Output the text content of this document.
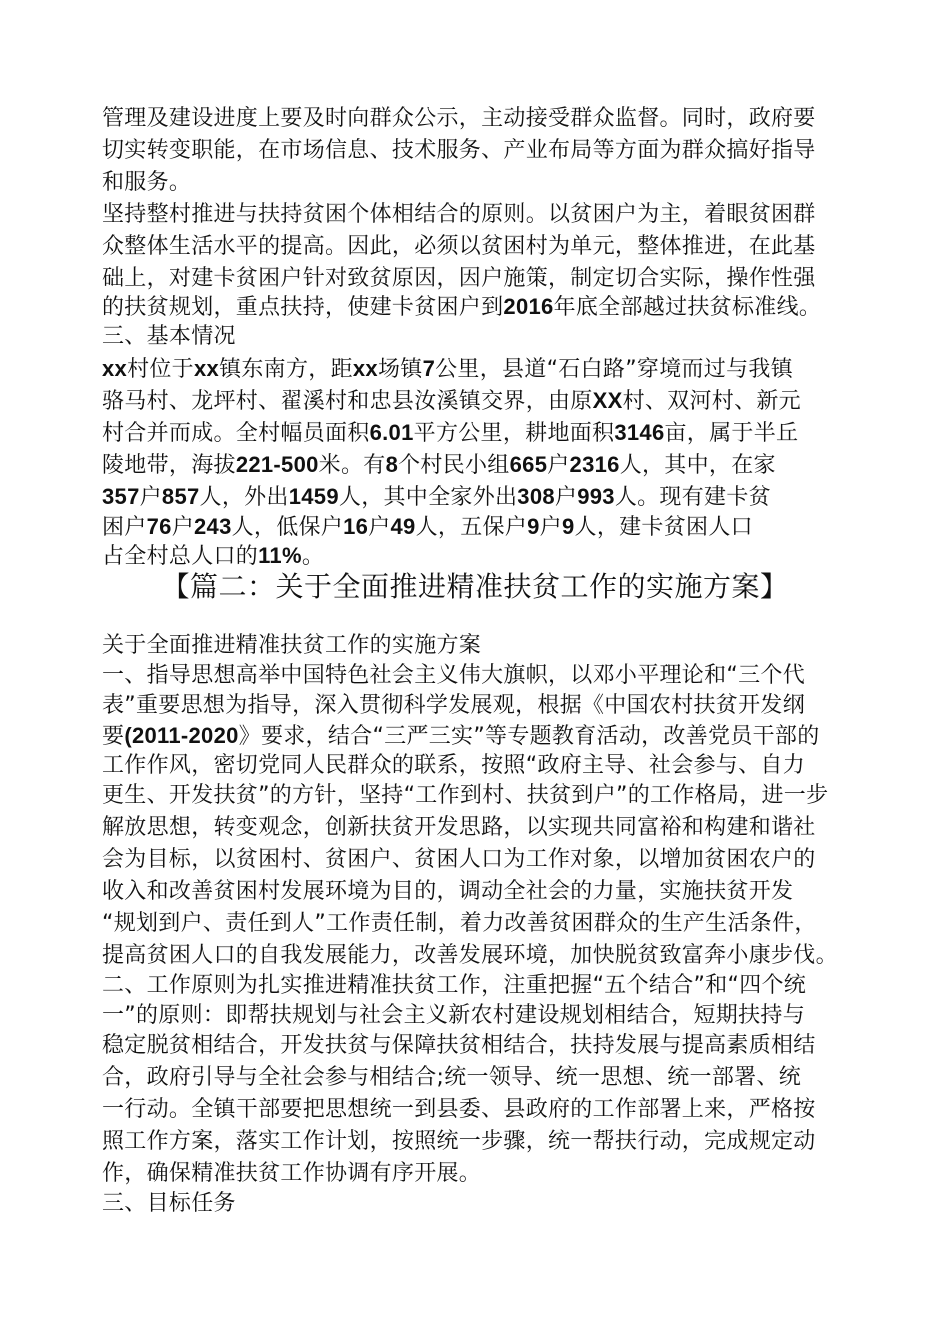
管理及建设进度上要及时向群众公示，主动接受群众监督。同时，政府要
切实转变职能，在市场信息、技术服务、产业布局等方面为群众搞好指导
和服务。
坚持整村推进与扶持贫困个体相结合的原则。以贫困户为主，着眼贫困群
众整体生活水平的提高。因此，必须以贫困村为单元，整体推进，在此基
础上，对建卡贫困户针对致贫原因，因户施策，制定切合实际，操作性强
的扶贫规划，重点扶持，使建卡贫困户到2016年底全部越过扶贫标准线。
三、基本情况
xx村位于xx镇东南方，距xx场镇7公里，县道“石白路”穿境而过与我镇
骆马村、龙坪村、翟溪村和忠县汝溪镇交界，由原XX村、双河村、新元
村合并而成。全村幅员面积6.01平方公里，耕地面积3146亩，属于半丘
陵地带，海拔221-500米。有8个村民小组665户2316人，其中，在家
357户857人，外出1459人，其中全家外出308户993人。现有建卡贫
困户76户243人，低保户16户49人，五保户9户9人，建卡贫困人口
占全村总人口的11%。
【篇二：关于全面推进精准扶贫工作的实施方案】
关于全面推进精准扶贫工作的实施方案
一、指导思想高举中国特色社会主义伟大旗帜，以邓小平理论和“三个代
表”重要思想为指导，深入贯彻科学发展观，根据《中国农村扶贫开发纲
要(2011-2020》要求，结合“三严三实”等专题教育活动，改善党员干部的
工作作风，密切党同人民群众的联系，按照“政府主导、社会参与、自力
更生、开发扶贫”的方针，坚持“工作到村、扶贫到户”的工作格局，进一步
解放思想，转变观念，创新扶贫开发思路，以实现共同富裕和构建和谐社
会为目标，以贫困村、贫困户、贫困人口为工作对象，以增加贫困农户的
收入和改善贫困村发展环境为目的，调动全社会的力量，实施扶贫开发
“规划到户、责任到人”工作责任制，着力改善贫困群众的生产生活条件，
提高贫困人口的自我发展能力，改善发展环境，加快脱贫致富奔小康步伐。
二、工作原则为扎实推进精准扶贫工作，注重把握“五个结合”和“四个统
一”的原则：即帮扶规划与社会主义新农村建设规划相结合，短期扶持与
稳定脱贫相结合，开发扶贫与保障扶贫相结合，扶持发展与提高素质相结
合，政府引导与全社会参与相结合;统一领导、统一思想、统一部署、统
一行动。全镇干部要把思想统一到县委、县政府的工作部署上来，严格按
照工作方案，落实工作计划，按照统一步骤，统一帮扶行动，完成规定动
作，确保精准扶贫工作协调有序开展。
三、目标任务
